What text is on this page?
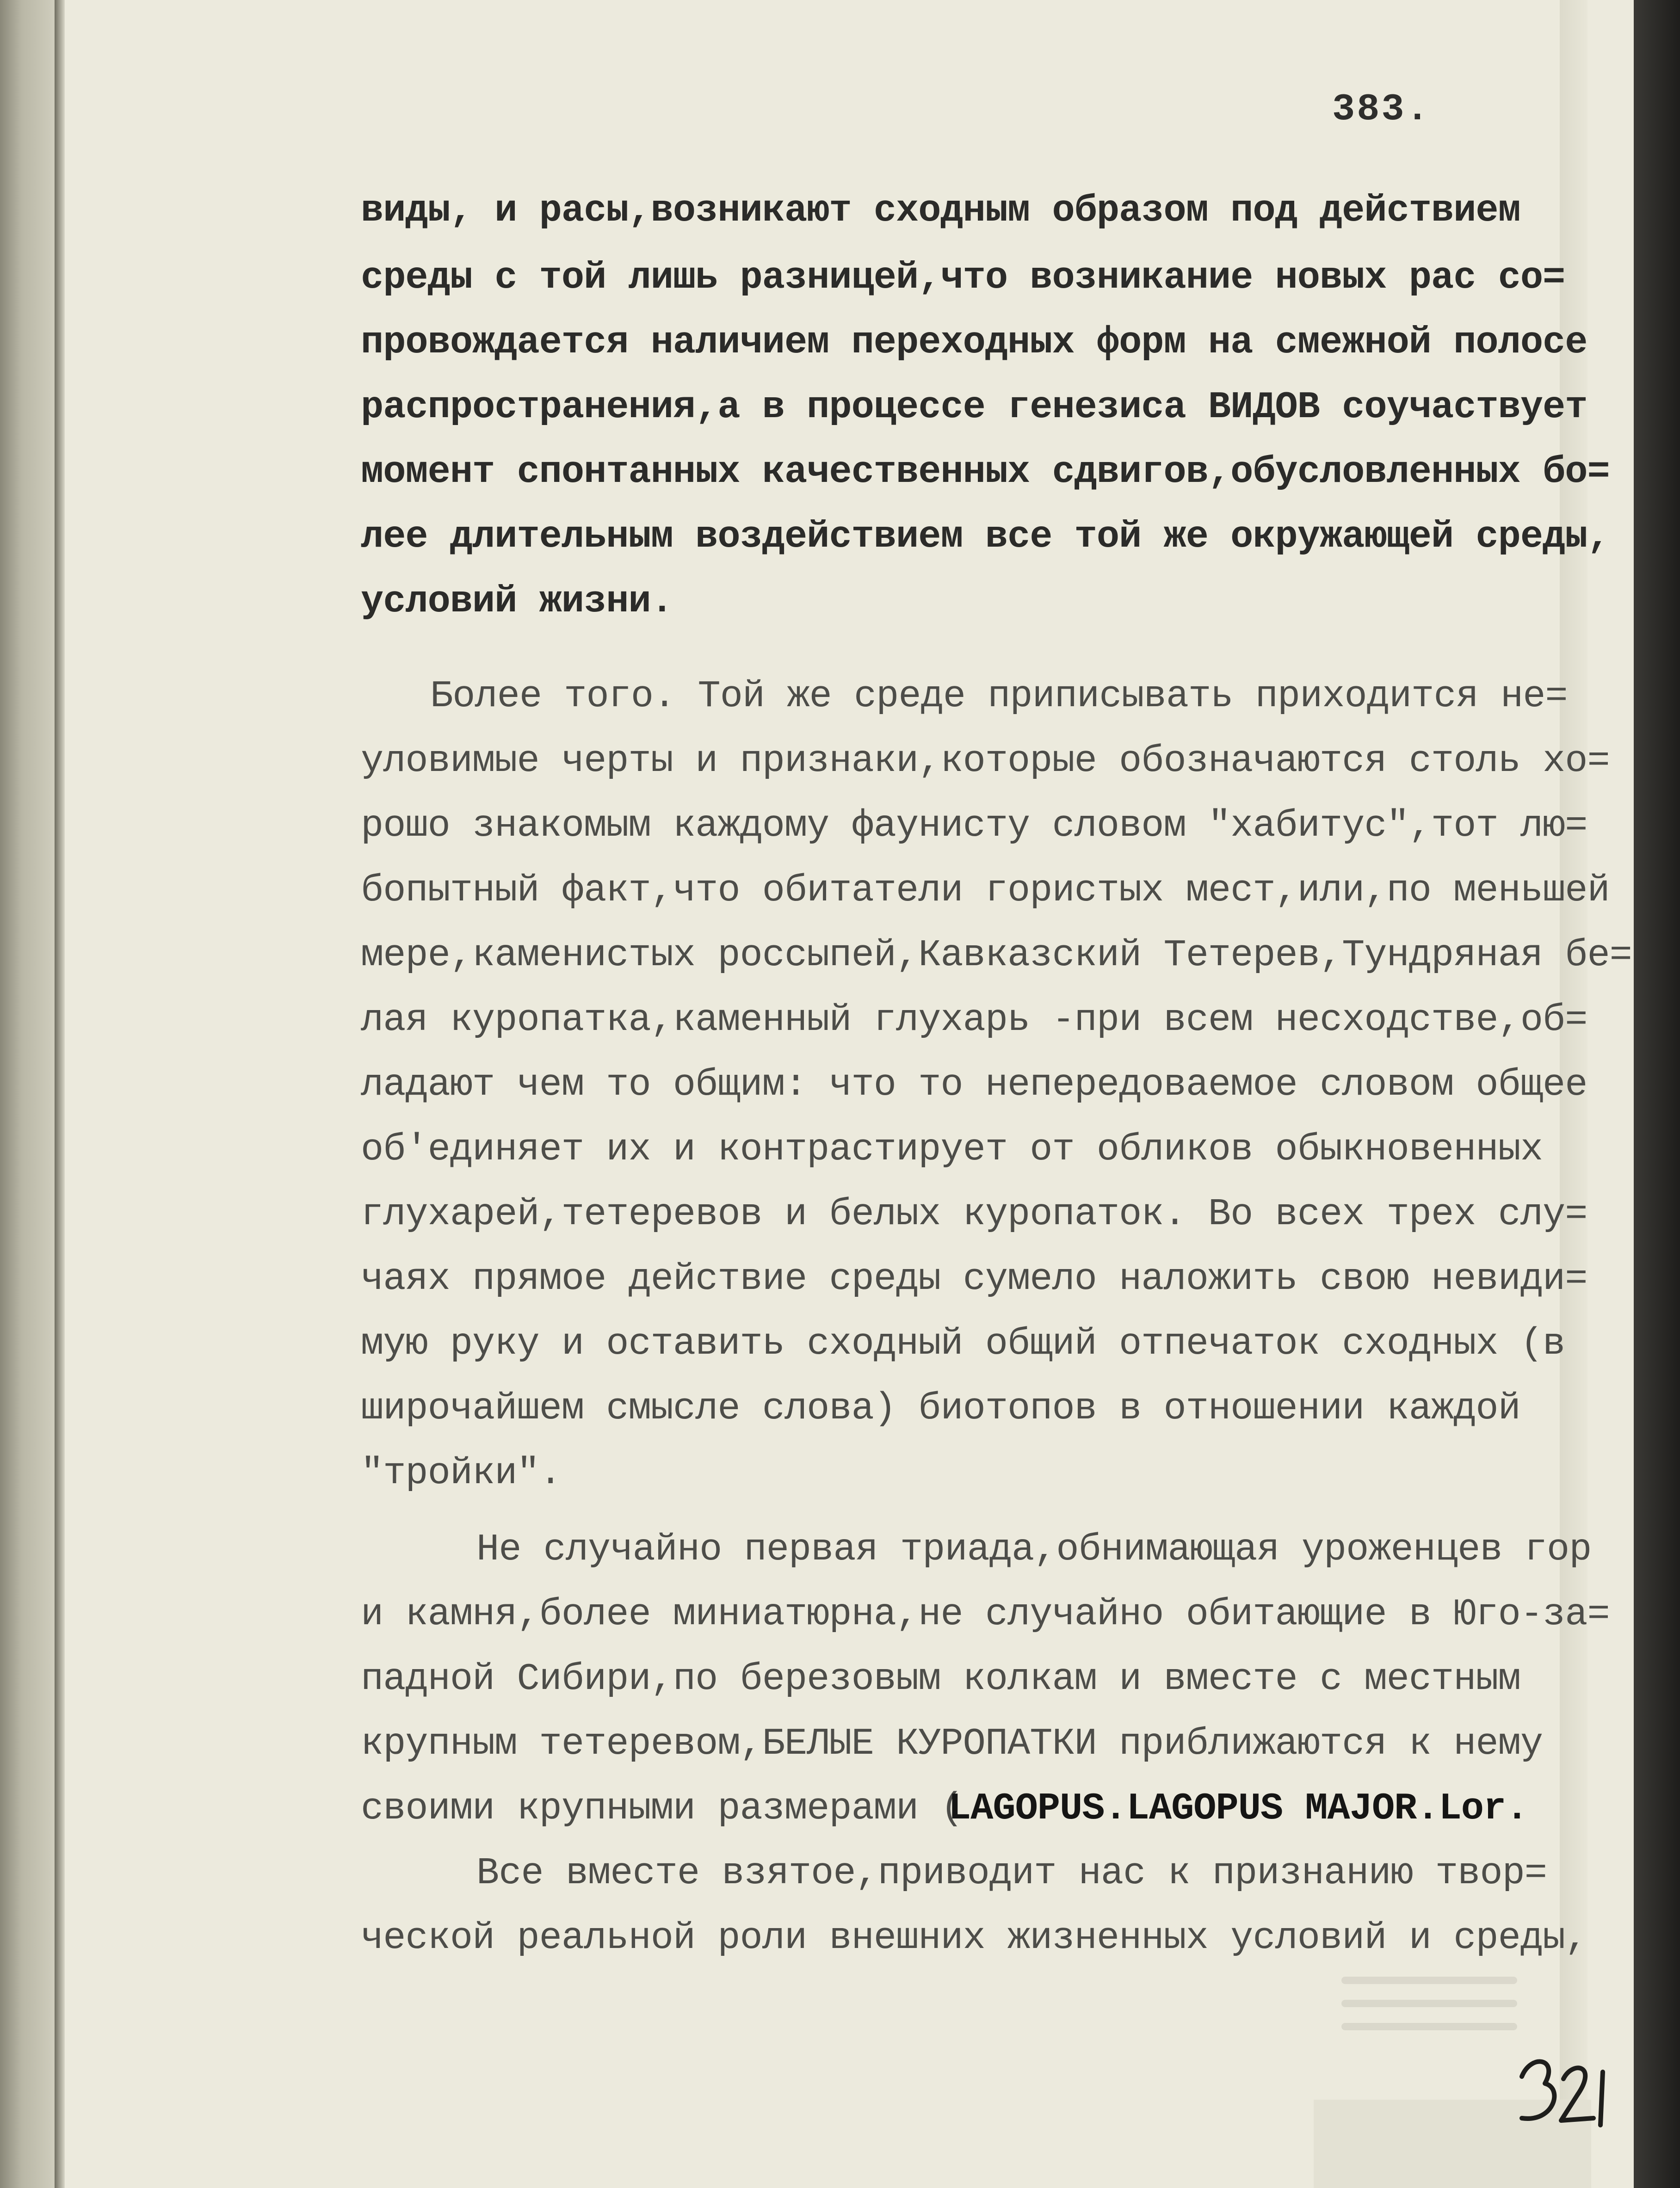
383.
виды, и расы,возникают сходным образом под действием
среды с той лишь разницей,что возникание новых рас со=
провождается наличием переходных форм на смежной полосе
распространения,а в процессе генезиса ВИДОВ соучаствует
момент спонтанных качественных сдвигов,обусловленных бо=
лее длительным воздействием все той же окружающей среды,
условий жизни.
Более того. Той же среде приписывать приходится не=
уловимые черты и признаки,которые обозначаются столь хо=
рошо знакомым каждому фаунисту словом "хабитус",тот лю=
бопытный факт,что обитатели гористых мест,или,по меньшей
мере,каменистых россыпей,Кавказский Тетерев,Тундряная бе=
лая куропатка,каменный глухарь -при всем несходстве,об=
ладают чем то общим: что то непередоваемое словом общее
об'единяет их и контрастирует от обликов обыкновенных
глухарей,тетеревов и белых куропаток. Во всех трех слу=
чаях прямое действие среды сумело наложить свою невиди=
мую руку и оставить сходный общий отпечаток сходных (в
широчайшем смысле слова) биотопов в отношении каждой
"тройки".
Не случайно первая триада,обнимающая уроженцев гор
и камня,более миниатюрна,не случайно обитающие в Юго-за=
падной Сибири,по березовым колкам и вместе с местным
крупным тетеревом,БЕЛЫЕ КУРОПАТКИ приближаются к нему
своими крупными размерами (
LAGOPUS.LAGOPUS MAJOR.Lor.
Все вместе взятое,приводит нас к признанию твор=
ческой реальной роли внешних жизненных условий и среды,
321
